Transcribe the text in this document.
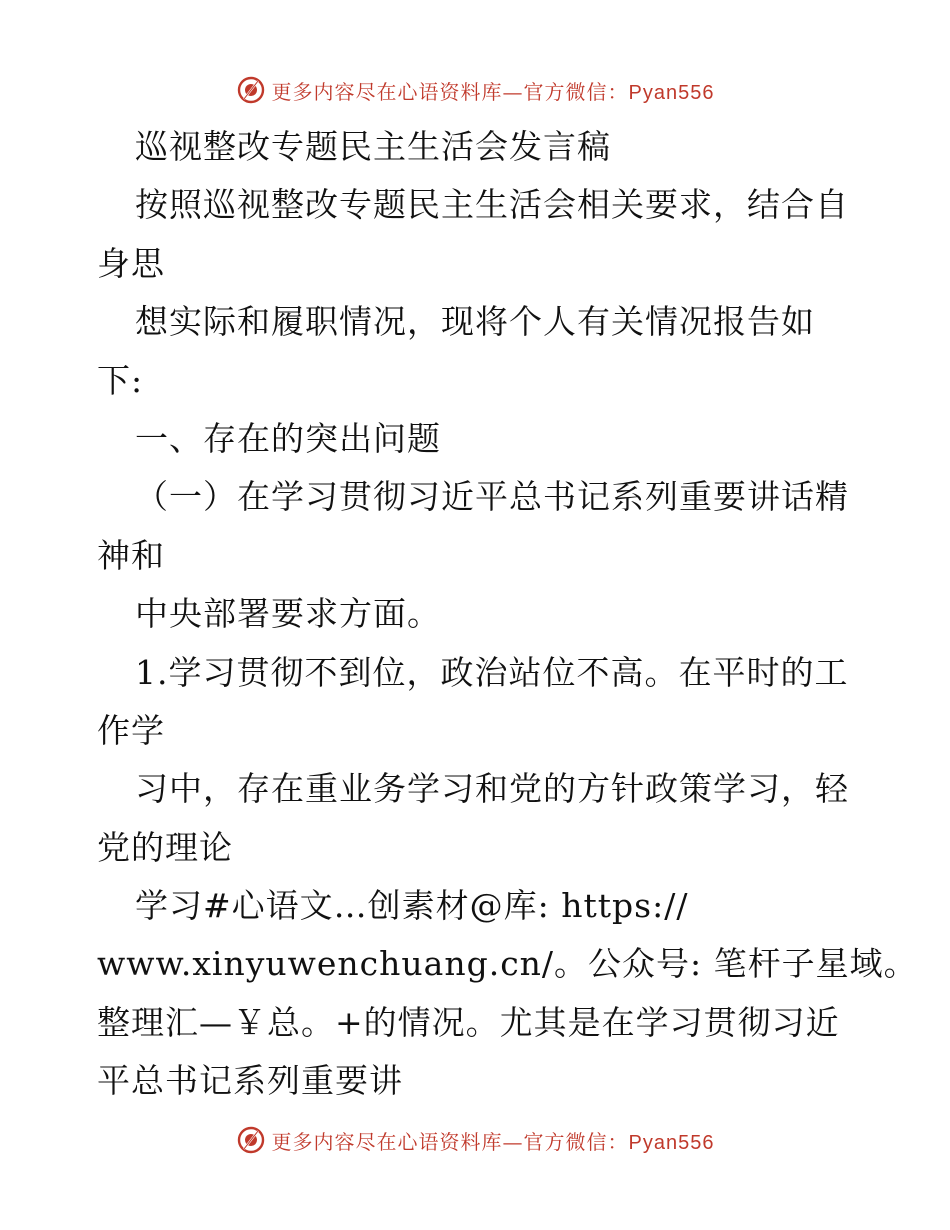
更多内容尽在心语资料库—官方微信：Pyan556
巡视整改专题民主生活会发言稿
按照巡视整改专题民主生活会相关要求，结合自
身思
想实际和履职情况，现将个人有关情况报告如
下:
一、存在的突出问题
（一）在学习贯彻习近平总书记系列重要讲话精
神和
中央部署要求方面。
1.学习贯彻不到位，政治站位不高。在平时的工
作学
习中，存在重业务学习和党的方针政策学习，轻
党的理论
学习#心语文…创素材@库: https://
www.xinyuwenchuang.cn/。公众号: 笔杆子星域。
整理汇—￥总。+的情况。尤其是在学习贯彻习近
平总书记系列重要讲
更多内容尽在心语资料库—官方微信：Pyan556
